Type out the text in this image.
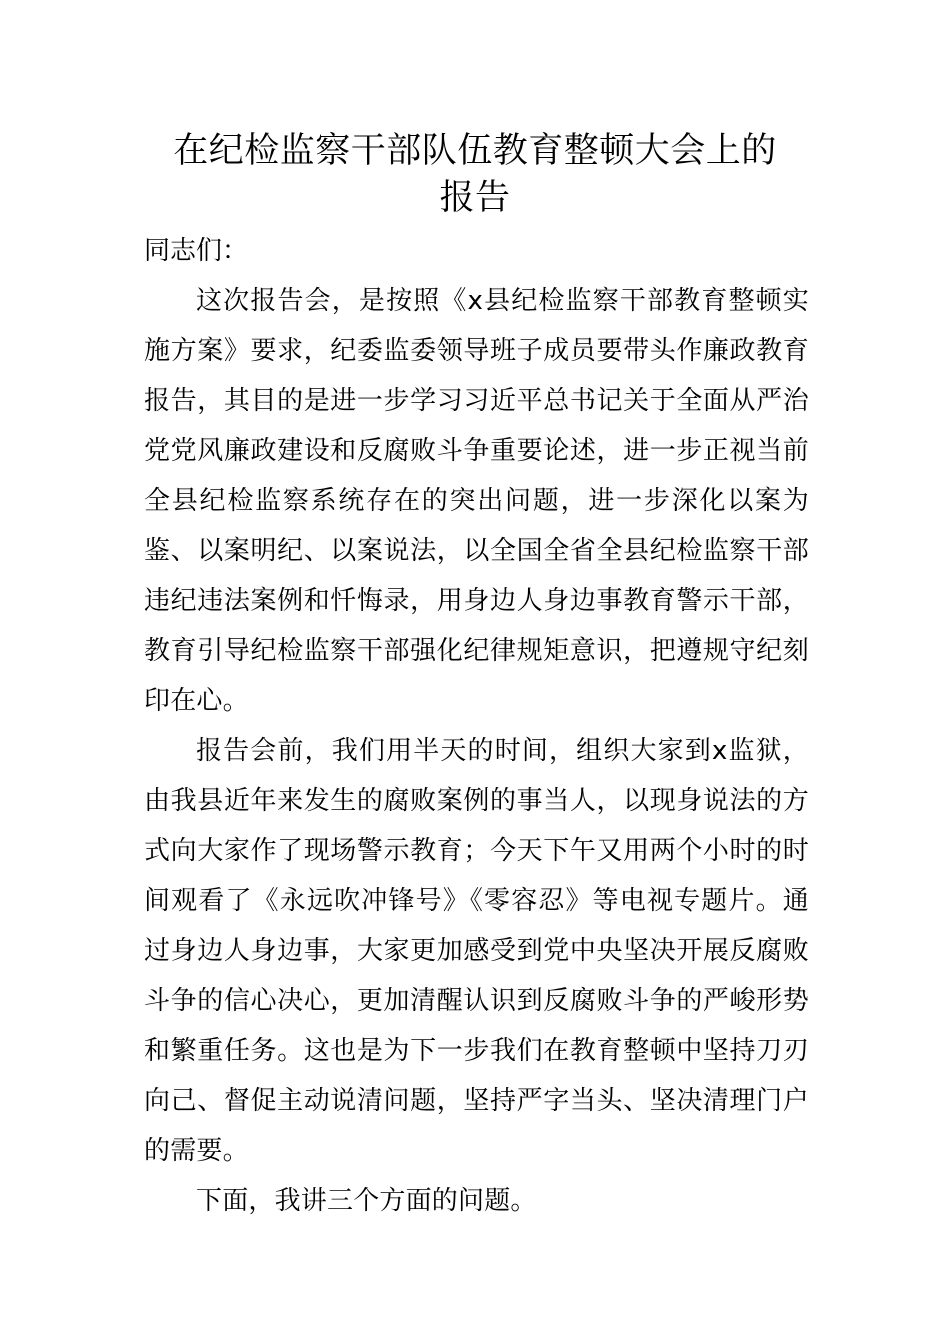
在纪检监察干部队伍教育整顿大会上的
报告

同志们：

这次报告会，是按照《x县纪检监察干部教育整顿实施方案》要求，纪委监委领导班子成员要带头作廉政教育报告，其目的是进一步学习习近平总书记关于全面从严治党党风廉政建设和反腐败斗争重要论述，进一步正视当前全县纪检监察系统存在的突出问题，进一步深化以案为鉴、以案明纪、以案说法，以全国全省全县纪检监察干部违纪违法案例和忏悔录，用身边人身边事教育警示干部，教育引导纪检监察干部强化纪律规矩意识，把遵规守纪刻印在心。

报告会前，我们用半天的时间，组织大家到x监狱，由我县近年来发生的腐败案例的事当人，以现身说法的方式向大家作了现场警示教育；今天下午又用两个小时的时间观看了《永远吹冲锋号》《零容忍》等电视专题片。通过身边人身边事，大家更加感受到党中央坚决开展反腐败斗争的信心决心，更加清醒认识到反腐败斗争的严峻形势和繁重任务。这也是为下一步我们在教育整顿中坚持刀刃向己、督促主动说清问题，坚持严字当头、坚决清理门户的需要。

下面，我讲三个方面的问题。
